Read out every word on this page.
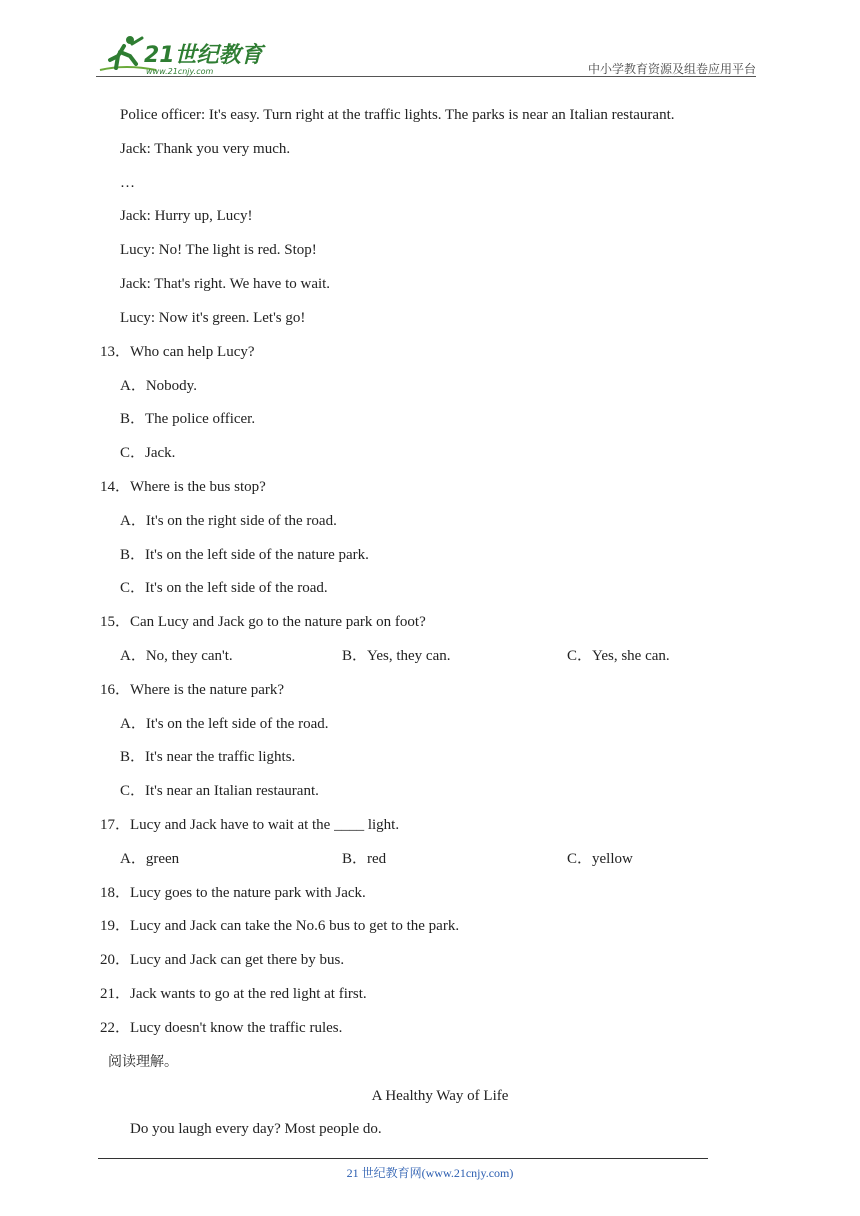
21世纪教育
www.21cnjy.com	中小学教育资源及组卷应用平台
Police officer: It's easy. Turn right at the traffic lights. The parks is near an Italian restaurant.
Jack: Thank you very much.
…
Jack: Hurry up, Lucy!
Lucy: No! The light is red. Stop!
Jack: That's right. We have to wait.
Lucy: Now it's green. Let's go!
13．Who can help Lucy?
A．Nobody.
B．The police officer.
C．Jack.
14．Where is the bus stop?
A．It's on the right side of the road.
B．It's on the left side of the nature park.
C．It's on the left side of the road.
15．Can Lucy and Jack go to the nature park on foot?
A．No, they can't.	B．Yes, they can.	C．Yes, she can.
16．Where is the nature park?
A．It's on the left side of the road.
B．It's near the traffic lights.
C．It's near an Italian restaurant.
17．Lucy and Jack have to wait at the ____ light.
A．green	B．red	C．yellow
18．Lucy goes to the nature park with Jack.
19．Lucy and Jack can take the No.6 bus to get to the park.
20．Lucy and Jack can get there by bus.
21．Jack wants to go at the red light at first.
22．Lucy doesn't know the traffic rules.
阅读理解。
A Healthy Way of Life
Do you laugh every day? Most people do.
21 世纪教育网(www.21cnjy.com)
